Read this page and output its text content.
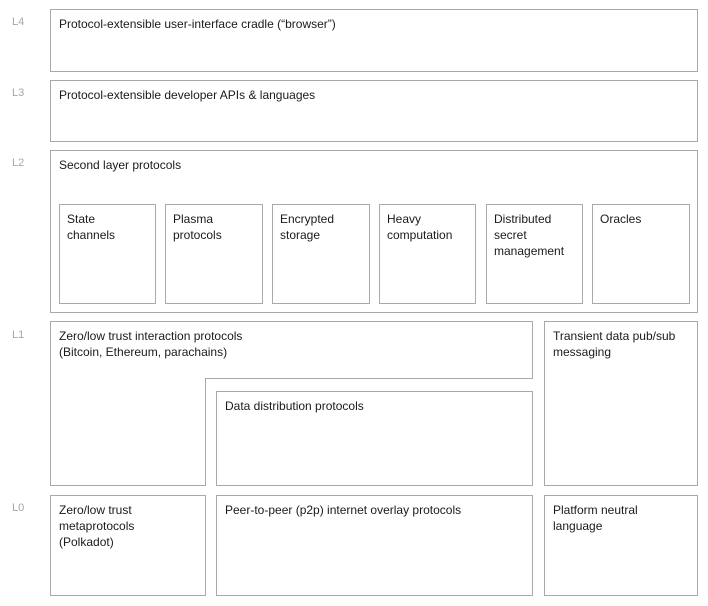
L4
L3
L2
L1
L0
Protocol-extensible user-interface cradle (“browser”)
Protocol-extensible developer APIs & languages
Second layer protocols
State
channels
Plasma
protocols
Encrypted
storage
Heavy
computation
Distributed
secret
management
Oracles
Zero/low trust interaction protocols
(Bitcoin, Ethereum, parachains)
Data distribution protocols
Transient data pub/sub
messaging
Zero/low trust
metaprotocols
(Polkadot)
Peer-to-peer (p2p) internet overlay protocols	Platform neutral
language
